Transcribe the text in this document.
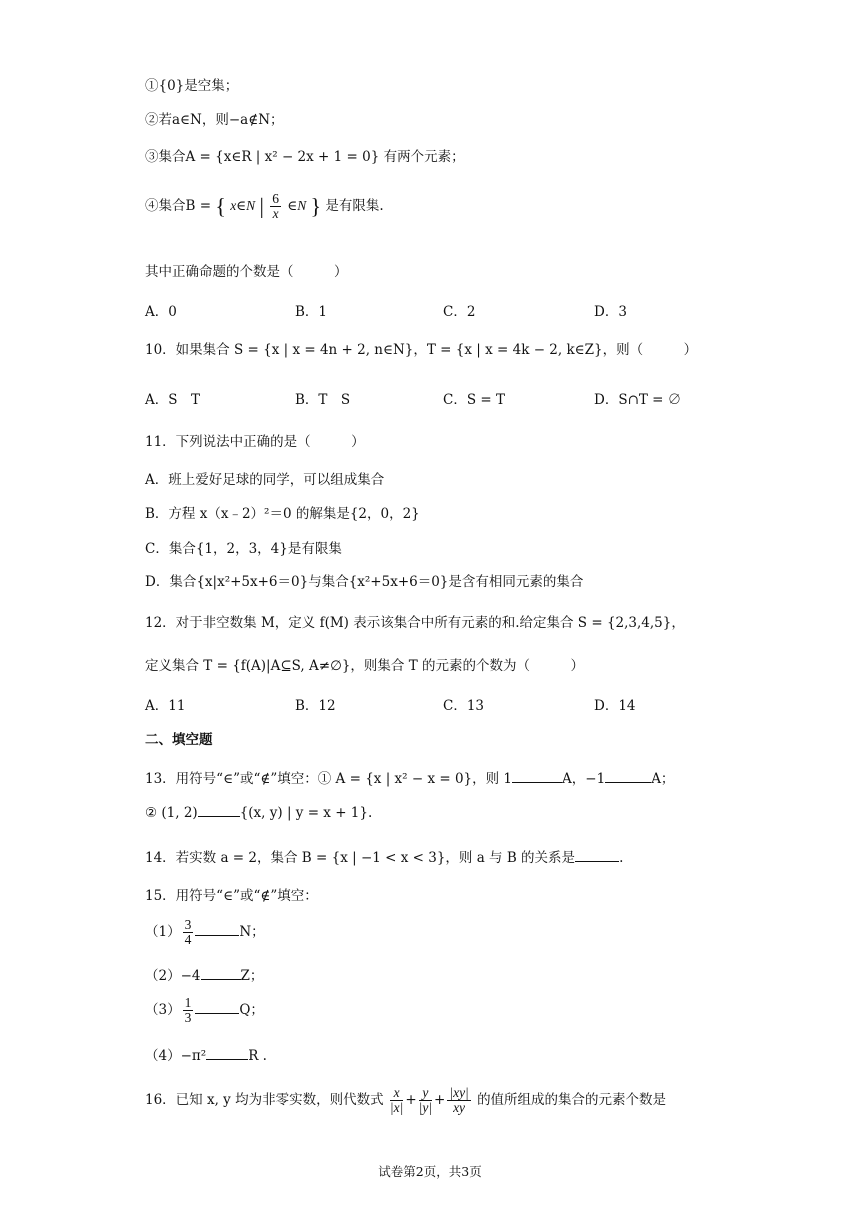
①{0}是空集；
②若a∈N，则−a∉N；
③集合A = {x∈R | x² − 2x + 1 = 0} 有两个元素；
④集合B = { x∈N | $\frac{6}{x}$ ∈N } 是有限集.
其中正确命题的个数是（　　　）
A．0	B．1	C．2	D．3
10．如果集合 S = {x | x = 4n + 2, n∈N}，T = {x | x = 4k − 2, k∈Z}，则（　　　）
A．S　T	B．T　S	C．S = T	D．S∩T = ∅
11．下列说法中正确的是（　　　）
A．班上爱好足球的同学，可以组成集合
B．方程 x（x﹣2）²＝0 的解集是{2，0，2}
C．集合{1，2，3，4}是有限集
D．集合{x|x²+5x+6＝0}与集合{x²+5x+6＝0}是含有相同元素的集合
12．对于非空数集 M，定义 f(M) 表示该集合中所有元素的和.给定集合 S = {2,3,4,5}，
定义集合 T = {f(A)|A⊆S, A≠∅}，则集合 T 的元素的个数为（　　　）
A．11	B．12	C．13	D．14
二、填空题
13．用符号“∈”或“∉”填空：① A = {x | x² − x = 0}，则 1	A，−1	A；
② (1, 2)	{(x, y) | y = x + 1}.
14．若实数 a = 2，集合 B = {x | −1 < x < 3}，则 a 与 B 的关系是	.
15．用符号“∈”或“∉”填空：
$(1) \frac{3}{4}$	N；
（2）−4	Z；
$(3) \frac{1}{3}$	Q；
（4）−π²	R .
16．已知 x, y 均为非零实数，则代数式 $\frac{x}{|x|} + \frac{y}{|y|} + \frac{|xy|}{xy}$ 的值所组成的集合的元素个数是
试卷第2页，共3页
